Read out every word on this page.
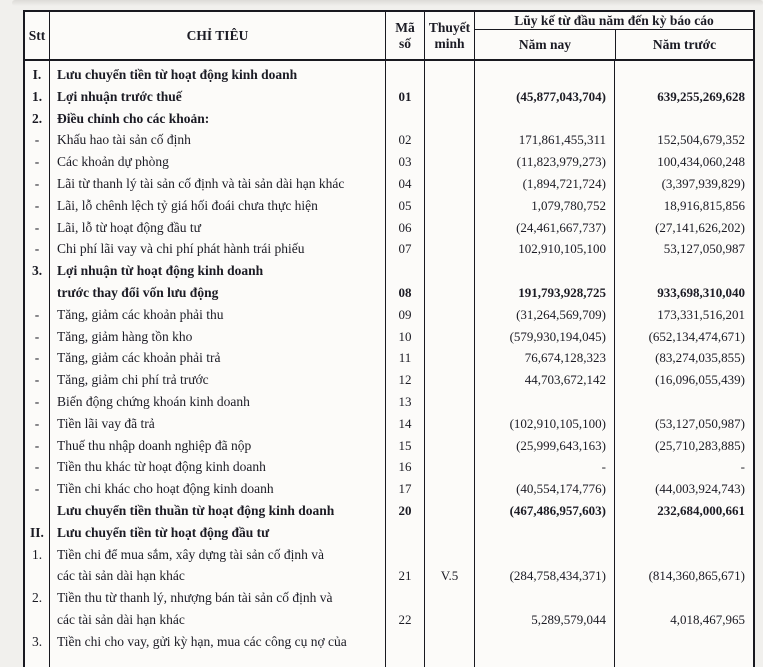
Stt	CHỈ TIÊU
Mã
số
Thuyết
minh
Lũy kế từ đầu năm đến kỳ báo cáo
Năm nay	Năm trước
I.
1.
2.
-
-
-
-
-
-
3.

-
-
-
-
-
-
-
-
-

II.
1.

2.

3.
Lưu chuyển tiền từ hoạt động kinh doanh
Lợi nhuận trước thuế
Điều chỉnh cho các khoản:
Khấu hao tài sản cố định
Các khoản dự phòng
Lãi từ thanh lý tài sản cố định và tài sản dài hạn khác
Lãi, lỗ chênh lệch tỷ giá hối đoái chưa thực hiện
Lãi, lỗ từ hoạt động đầu tư
Chi phí lãi vay và chi phí phát hành trái phiếu
Lợi nhuận từ hoạt động kinh doanh
trước thay đổi vốn lưu động
Tăng, giảm các khoản phải thu
Tăng, giảm hàng tồn kho
Tăng, giảm các khoản phải trả
Tăng, giảm chi phí trả trước
Biến động chứng khoán kinh doanh
Tiền lãi vay đã trả
Thuế thu nhập doanh nghiệp đã nộp
Tiền thu khác từ hoạt động kinh doanh
Tiền chi khác cho hoạt động kinh doanh
Lưu chuyển tiền thuần từ hoạt động kinh doanh
Lưu chuyển tiền từ hoạt động đầu tư
Tiền chi để mua sắm, xây dựng tài sản cố định và
các tài sản dài hạn khác
Tiền thu từ thanh lý, nhượng bán tài sản cố định và
các tài sản dài hạn khác
Tiền chi cho vay, gửi kỳ hạn, mua các công cụ nợ của

01

02
03
04
05
06
07

08
09
10
11
12
13
14
15
16
17
20

21

22

V.5

(45,877,043,704)

171,861,455,311
(11,823,979,273)
(1,894,721,724)
1,079,780,752
(24,461,667,737)
102,910,105,100

191,793,928,725
(31,264,569,709)
(579,930,194,045)
76,674,128,323
44,703,672,142

(102,910,105,100)
(25,999,643,163)
-
(40,554,174,776)
(467,486,957,603)

(284,758,434,371)

5,289,579,044

639,255,269,628

152,504,679,352
100,434,060,248
(3,397,939,829)
18,916,815,856
(27,141,626,202)
53,127,050,987

933,698,310,040
173,331,516,201
(652,134,474,671)
(83,274,035,855)
(16,096,055,439)

(53,127,050,987)
(25,710,283,885)
-
(44,003,924,743)
232,684,000,661

(814,360,865,671)

4,018,467,965
